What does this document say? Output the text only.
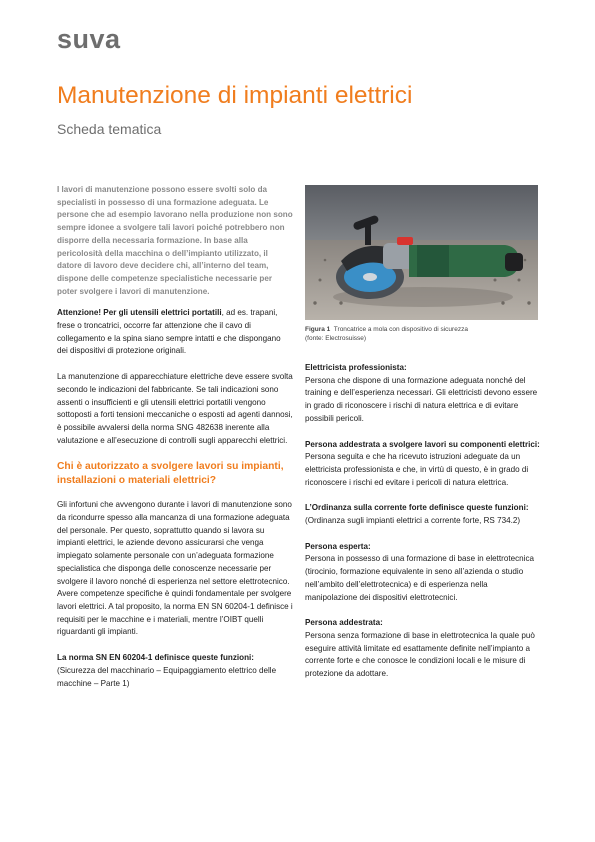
suva
Manutenzione di impianti elettrici
Scheda tematica

I lavori di manutenzione possono essere svolti solo da specialisti in possesso di una formazione adeguata. Le persone che ad esempio lavorano nella produzione non sono sempre idonee a svolgere tali lavori poiché potrebbero non disporre della necessaria formazione. In base alla pericolosità della macchina o dell’impianto utilizzato, il datore di lavoro deve decidere chi, all’interno del team, dispone delle competenze specialistiche necessarie per poter svolgere i lavori di manutenzione.

Attenzione! Per gli utensili elettrici portatili, ad es. trapani, frese o troncatrici, occorre far attenzione che il cavo di collegamento e la spina siano sempre intatti e che dispongano dei dispositivi di protezione originali.

La manutenzione di apparecchiature elettriche deve essere svolta secondo le indicazioni del fabbricante. Se tali indicazioni sono assenti o insufficienti e gli utensili elettrici portatili vengono sottoposti a forti tensioni meccaniche o esposti ad agenti dannosi, è possibile avvalersi della norma SNG 482638 inerente alla valutazione e all’esecuzione di controlli sugli apparecchi elettrici.

Chi è autorizzato a svolgere lavori su impianti, installazioni o materiali elettrici?

Gli infortuni che avvengono durante i lavori di manutenzione sono da ricondurre spesso alla mancanza di una formazione adeguata del personale. Per questo, soprattutto quando si lavora su impianti elettrici, le aziende devono assicurarsi che venga impiegato solamente personale con un’adeguata formazione specialistica che disponga delle conoscenze necessarie per svolgere il lavoro nonché di esperienza nel settore elettrotecnico. Avere competenze specifiche è quindi fondamentale per svolgere lavori elettrici. A tal proposito, la norma EN SN 60204-1 definisce i requisiti per le macchine e i materiali, mentre l’OIBT quelli riguardanti gli impianti.

La norma SN EN 60204-1 definisce queste funzioni:

(Sicurezza del macchinario – Equipaggiamento elettrico delle macchine – Parte 1)

Figura 1 Troncatrice a mola con dispositivo di sicurezza
(fonte: Electrosuisse)

Elettricista professionista:

Persona che dispone di una formazione adeguata nonché del training e dell’esperienza necessari. Gli elettricisti devono essere in grado di riconoscere i rischi di natura elettrica e di evitare possibili pericoli.

Persona addestrata a svolgere lavori su componenti elettrici:

Persona seguita e che ha ricevuto istruzioni adeguate da un elettricista professionista e che, in virtù di questo, è in grado di riconoscere i rischi ed evitare i pericoli di natura elettrica.

L’Ordinanza sulla corrente forte definisce queste funzioni:

(Ordinanza sugli impianti elettrici a corrente forte, RS 734.2)

Persona esperta:

Persona in possesso di una formazione di base in elettrotecnica (tirocinio, formazione equivalente in seno all’azienda o studio nell’ambito dell’elettrotecnica) e di esperienza nella manipolazione dei dispositivi elettrotecnici.

Persona addestrata:

Persona senza formazione di base in elettrotecnica la quale può eseguire attività limitate ed esattamente definite nell’impianto a corrente forte e che conosce le condizioni locali e le misure di protezione da adottare.
